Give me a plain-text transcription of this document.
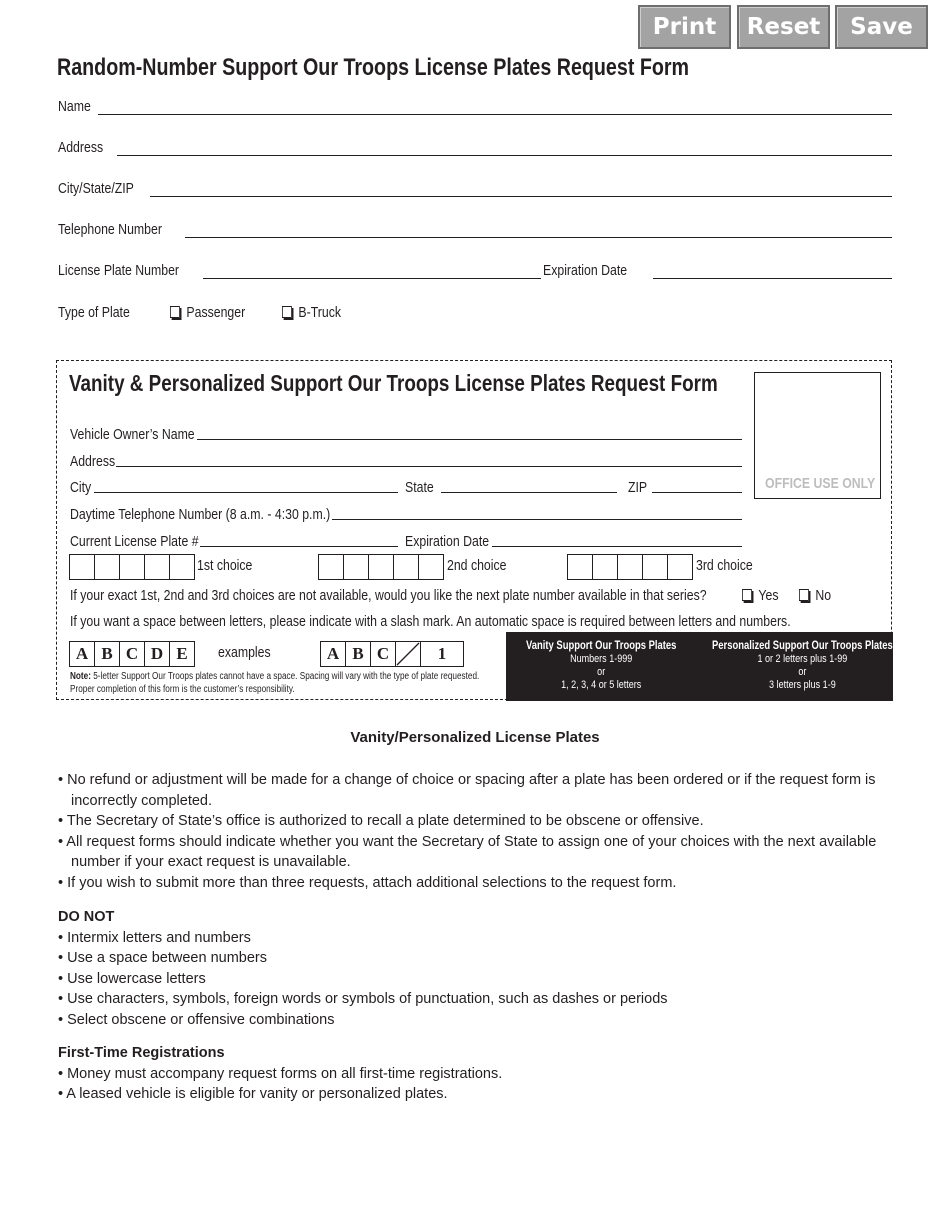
Print	Reset	Save
Random-Number Support Our Troops License Plates Request Form
Name
Address
City/State/ZIP
Telephone Number
License Plate Number	Expiration Date
Type of Plate	Passenger	B-Truck
Vanity & Personalized Support Our Troops License Plates Request Form
OFFICE USE ONLY
Vehicle Owner’s Name
Address
City	State	ZIP
Daytime Telephone Number (8 a.m. - 4:30 p.m.)
Current License Plate #	Expiration Date
1st choice	2nd choice	3rd choice
If your exact 1st, 2nd and 3rd choices are not available, would you like the next plate number available in that series?	Yes	No
If you want a space between letters, please indicate with a slash mark. An automatic space is required between letters and numbers.
A B C D E	examples	A B C	1
Note: 5-letter Support Our Troops plates cannot have a space. Spacing will vary with the type of plate requested.
Proper completion of this form is the customer’s responsibility.
Vanity Support Our Troops Plates
Numbers 1-999
or
1, 2, 3, 4 or 5 letters
Personalized Support Our Troops Plates
1 or 2 letters plus 1-99
or
3 letters plus 1-9
Vanity/Personalized License Plates
• No refund or adjustment will be made for a change of choice or spacing after a plate has been ordered or if the request form is incorrectly completed.
• The Secretary of State’s office is authorized to recall a plate determined to be obscene or offensive.
• All request forms should indicate whether you want the Secretary of State to assign one of your choices with the next available number if your exact request is unavailable.
• If you wish to submit more than three requests, attach additional selections to the request form.
DO NOT
• Intermix letters and numbers
• Use a space between numbers
• Use lowercase letters
• Use characters, symbols, foreign words or symbols of punctuation, such as dashes or periods
• Select obscene or offensive combinations
First-Time Registrations
• Money must accompany request forms on all first-time registrations.
• A leased vehicle is eligible for vanity or personalized plates.
